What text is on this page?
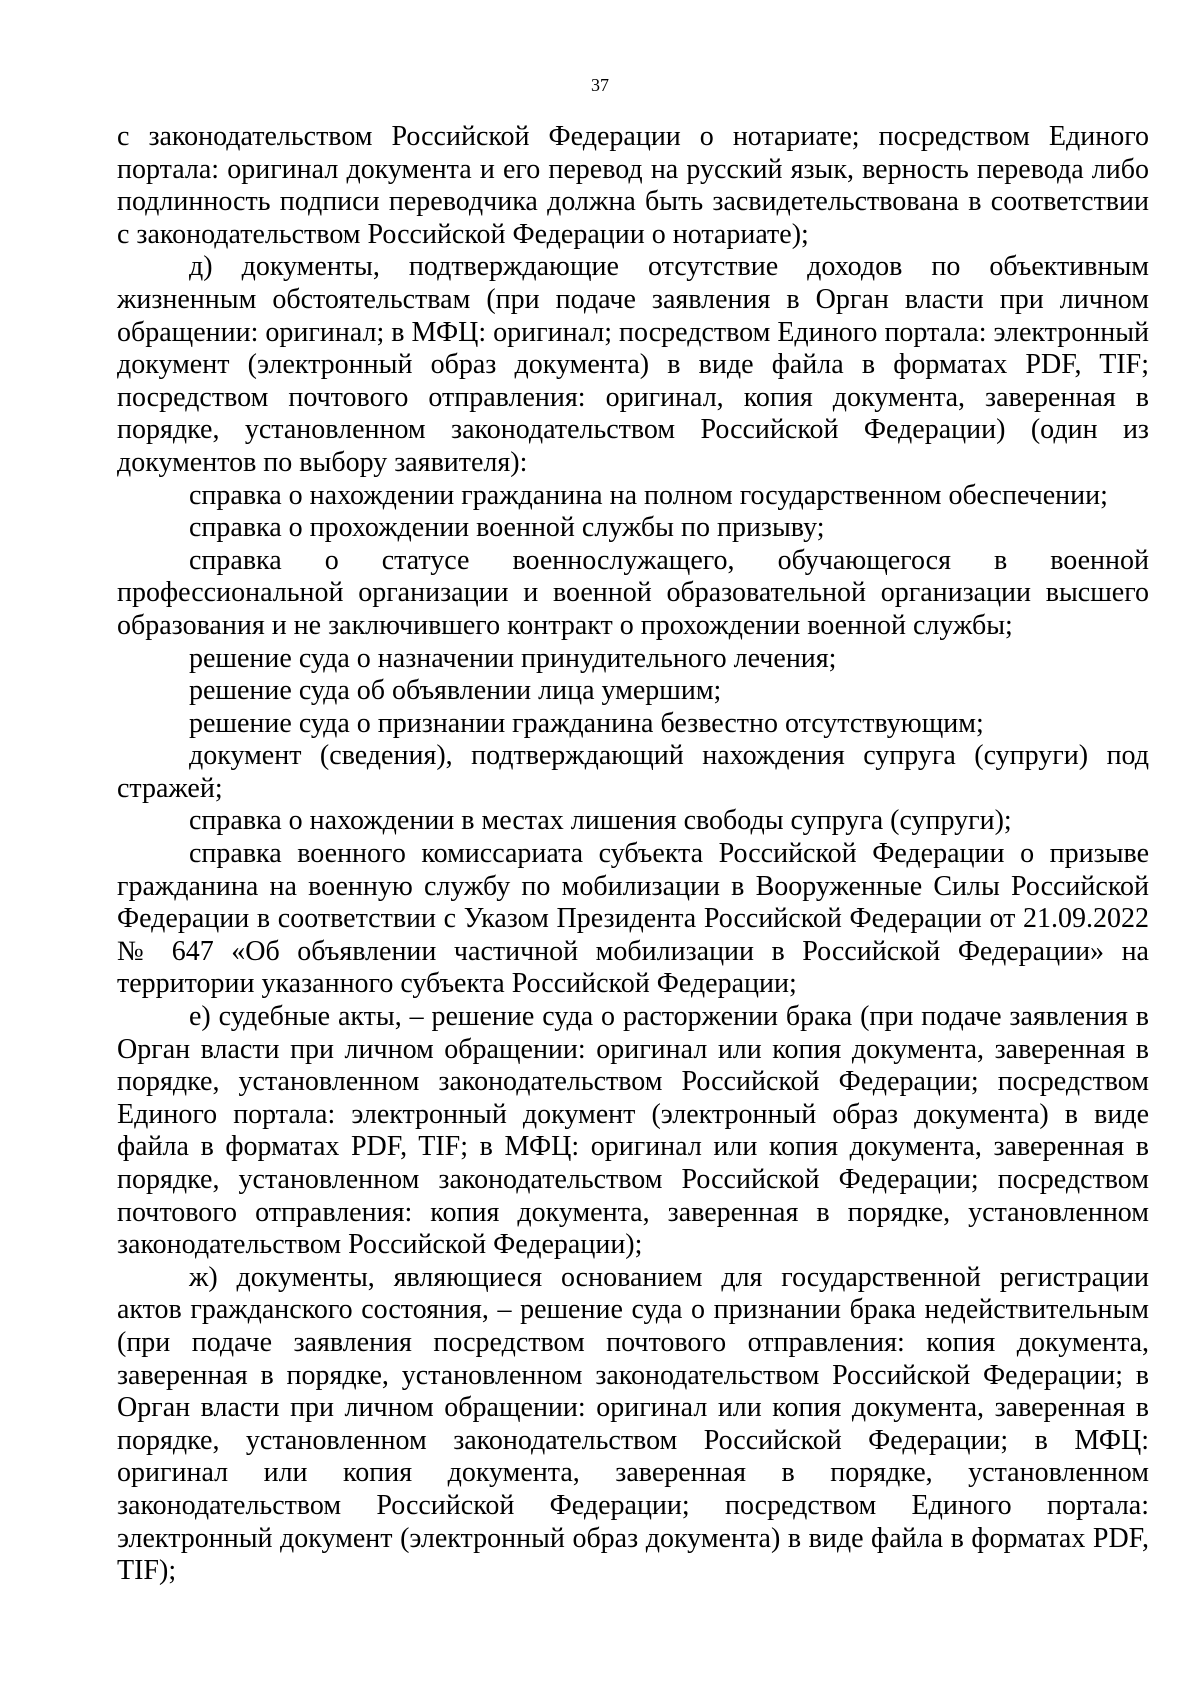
37

с законодательством Российской Федерации о нотариате; посредством Единого портала: оригинал документа и его перевод на русский язык, верность перевода либо подлинность подписи переводчика должна быть засвидетельствована в соответствии с законодательством Российской Федерации о нотариате);

д) документы, подтверждающие отсутствие доходов по объективным жизненным обстоятельствам (при подаче заявления в Орган власти при личном обращении: оригинал; в МФЦ: оригинал; посредством Единого портала: электронный документ (электронный образ документа) в виде файла в форматах PDF, TIF; посредством почтового отправления: оригинал, копия документа, заверенная в порядке, установленном законодательством Российской Федерации) (один из документов по выбору заявителя):

справка о нахождении гражданина на полном государственном обеспечении;

справка о прохождении военной службы по призыву;

справка о статусе военнослужащего, обучающегося в военной профессиональной организации и военной образовательной организации высшего образования и не заключившего контракт о прохождении военной службы;

решение суда о назначении принудительного лечения;

решение суда об объявлении лица умершим;

решение суда о признании гражданина безвестно отсутствующим;

документ (сведения), подтверждающий нахождения супруга (супруги) под стражей;

справка о нахождении в местах лишения свободы супруга (супруги);

справка военного комиссариата субъекта Российской Федерации о призыве гражданина на военную службу по мобилизации в Вооруженные Силы Российской Федерации в соответствии с Указом Президента Российской Федерации от 21.09.2022 № 647 «Об объявлении частичной мобилизации в Российской Федерации» на территории указанного субъекта Российской Федерации;

е) судебные акты, – решение суда о расторжении брака (при подаче заявления в Орган власти при личном обращении: оригинал или копия документа, заверенная в порядке, установленном законодательством Российской Федерации; посредством Единого портала: электронный документ (электронный образ документа) в виде файла в форматах PDF, TIF; в МФЦ: оригинал или копия документа, заверенная в порядке, установленном законодательством Российской Федерации; посредством почтового отправления: копия документа, заверенная в порядке, установленном законодательством Российской Федерации);

ж) документы, являющиеся основанием для государственной регистрации актов гражданского состояния, – решение суда о признании брака недействительным (при подаче заявления посредством почтового отправления: копия документа, заверенная в порядке, установленном законодательством Российской Федерации; в Орган власти при личном обращении: оригинал или копия документа, заверенная в порядке, установленном законодательством Российской Федерации; в МФЦ: оригинал или копия документа, заверенная в порядке, установленном законодательством Российской Федерации; посредством Единого портала: электронный документ (электронный образ документа) в виде файла в форматах PDF, TIF);
